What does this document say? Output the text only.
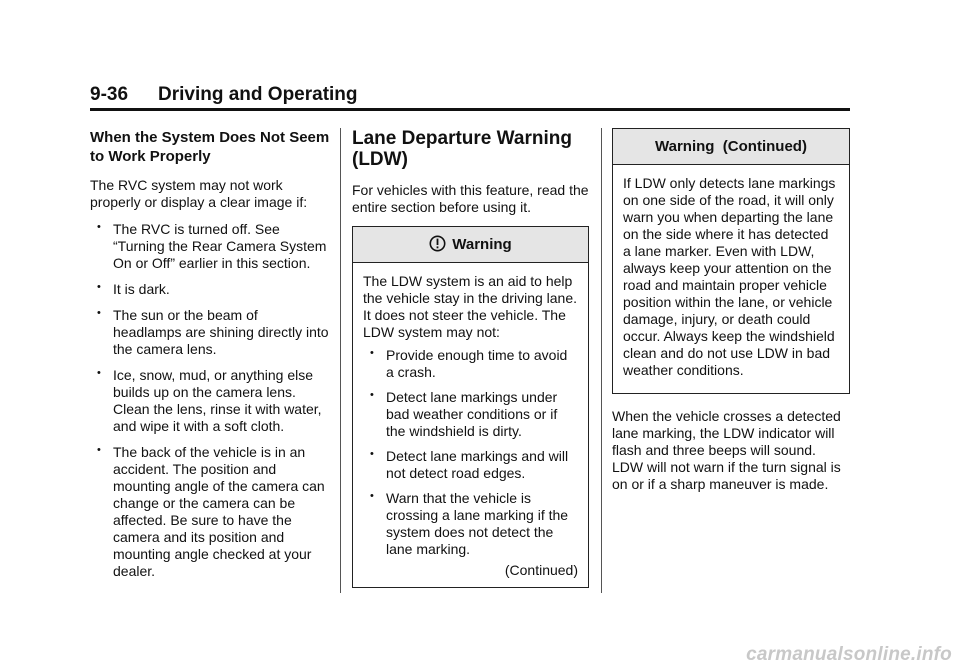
9-36 Driving and Operating
When the System Does Not Seem to Work Properly

The RVC system may not work properly or display a clear image if:

• The RVC is turned off. See “Turning the Rear Camera System On or Off” earlier in this section.
• It is dark.
• The sun or the beam of headlamps are shining directly into the camera lens.
• Ice, snow, mud, or anything else builds up on the camera lens. Clean the lens, rinse it with water, and wipe it with a soft cloth.
• The back of the vehicle is in an accident. The position and mounting angle of the camera can change or the camera can be affected. Be sure to have the camera and its position and mounting angle checked at your dealer.
Lane Departure Warning (LDW)

For vehicles with this feature, read the entire section before using it.

Warning

The LDW system is an aid to help the vehicle stay in the driving lane. It does not steer the vehicle. The LDW system may not:

• Provide enough time to avoid a crash.
• Detect lane markings under bad weather conditions or if the windshield is dirty.
• Detect lane markings and will not detect road edges.
• Warn that the vehicle is crossing a lane marking if the system does not detect the lane marking.
(Continued)
Warning  (Continued)

If LDW only detects lane markings on one side of the road, it will only warn you when departing the lane on the side where it has detected a lane marker. Even with LDW, always keep your attention on the road and maintain proper vehicle position within the lane, or vehicle damage, injury, or death could occur. Always keep the windshield clean and do not use LDW in bad weather conditions.

When the vehicle crosses a detected lane marking, the LDW indicator will flash and three beeps will sound. LDW will not warn if the turn signal is on or if a sharp maneuver is made.

carmanualsonline.info
